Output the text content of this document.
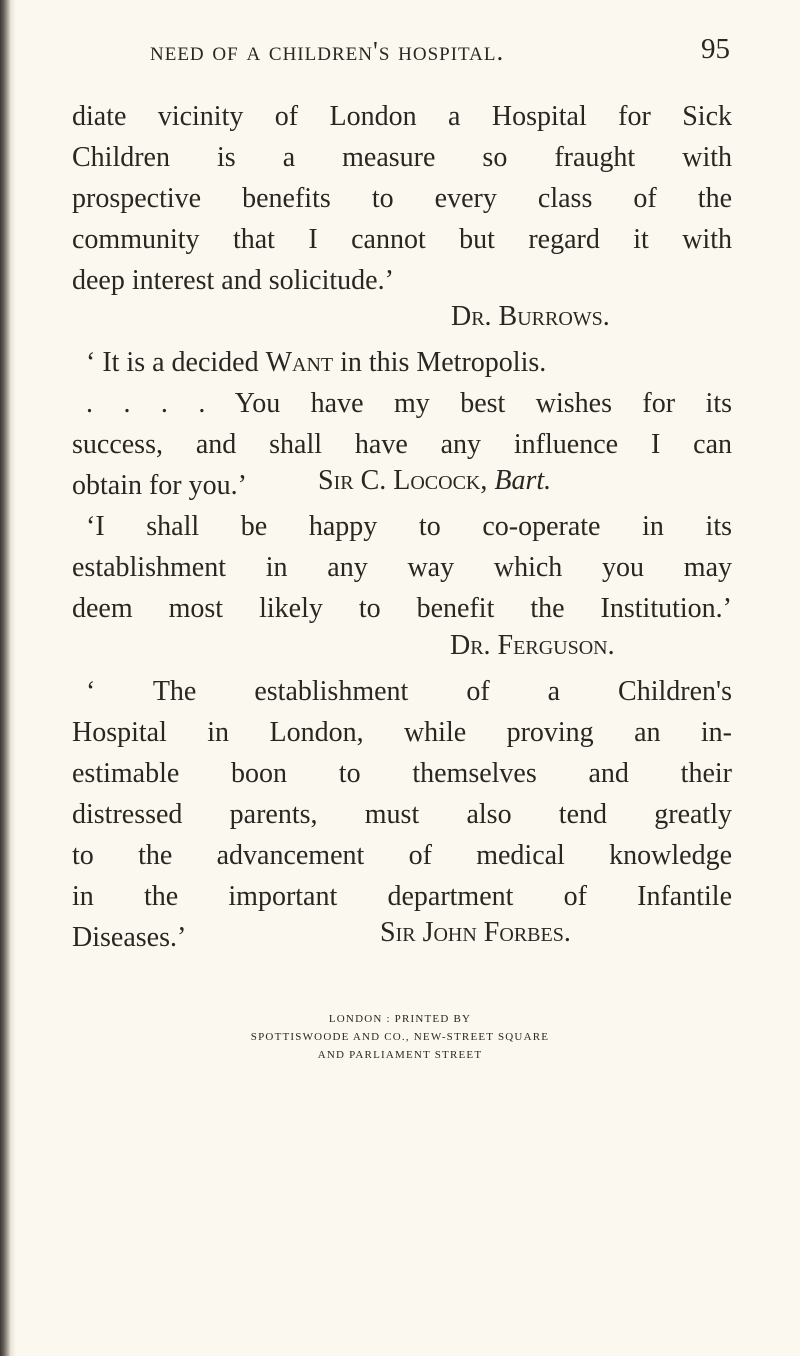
need of a children's hospital.	95
diate vicinity of London a Hospital for Sick
Children is a measure so fraught with
prospective benefits to every class of the
community that I cannot but regard it with
deep interest and solicitude.’
Dr. Burrows.
‘ It is a decided Want in this Metropolis.
. . . . You have my best wishes for its
success, and shall have any influence I can
obtain for you.’	Sir C. Locock, Bart.
‘I shall be happy to co-operate in its
establishment in any way which you may
deem most likely to benefit the Institution.’
Dr. Ferguson.
‘ The establishment of a Children's
Hospital in London, while proving an in-
estimable boon to themselves and their
distressed parents, must also tend greatly
to the advancement of medical knowledge
in the important department of Infantile
Diseases.’	Sir John Forbes.
LONDON : PRINTED BY
SPOTTISWOODE AND CO., NEW-STREET SQUARE
AND PARLIAMENT STREET
